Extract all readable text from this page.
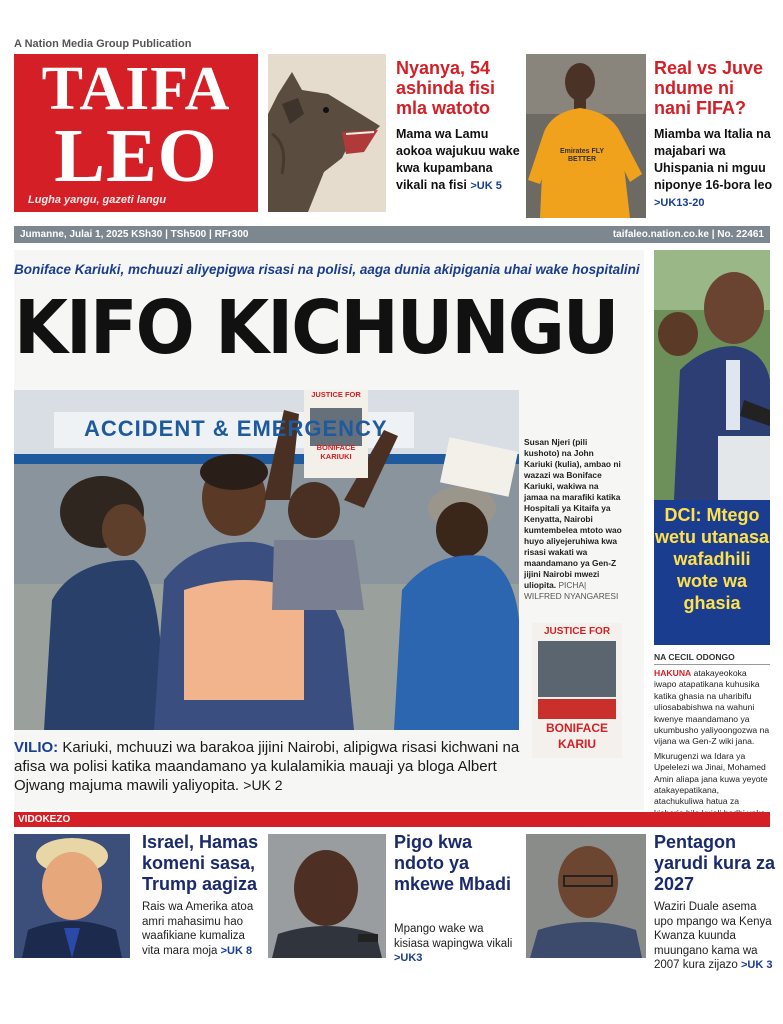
A Nation Media Group Publication
TAIFA
LEO
Lugha yangu, gazeti langu
Nyanya, 54 ashinda fisi mla watoto
Mama wa Lamu aokoa wajukuu wake kwa kupambana vikali na fisi >UK 5
Emirates FLY BETTER
Real vs Juve ndume ni nani FIFA?
Miamba wa Italia na majabari wa Uhispania ni mguu niponye 16-bora leo >UK13-20
Jumanne, Julai 1, 2025 KSh30 | TSh500 | RFr300	taifaleo.nation.co.ke | No. 22461
Boniface Kariuki, mchuuzi aliyepigwa risasi na polisi, aaga dunia akipigania uhai wake hospitalini
KIFO KICHUNGU
ACCIDENT & EMERGENCY
JUSTICE FOR
BONIFACE
KARIUKI
Susan Njeri (pili kushoto) na John Kariuki (kulia), ambao ni wazazi wa Boniface Kariuki, wakiwa na jamaa na marafiki katika Hospitali ya Kitaifa ya Kenyatta, Nairobi kumtembelea mtoto wao huyo aliyejeruhiwa kwa risasi wakati wa maandamano ya Gen-Z jijini Nairobi mwezi uliopita. PICHA| WILFRED NYANGARESI
JUSTICE FOR
BONIFACE
KARIU
VILIO: Kariuki, mchuuzi wa barakoa jijini Nairobi, alipigwa risasi kichwani na afisa wa polisi katika maandamano ya kulalamikia mauaji ya bloga Albert Ojwang majuma mawili yaliyopita. >UK 2
DCI: Mtego wetu utanasa wafadhili wote wa ghasia
NA CECIL ODONGO

HAKUNA atakayeokoka iwapo atapatikana kuhusika katika ghasia na uharibifu uliosababishwa na wahuni kwenye maandamano ya ukumbusho yaliyoongozwa na vijana wa Gen-Z wiki jana.

Mkurugenzi wa Idara ya Upelelezi wa Jinai, Mohamed Amin aliapa jana kuwa yeyote atakayepatikana, atachukuliwa hatua za

VIDOKEZO
Israel, Hamas komeni sasa, Trump aagiza
Rais wa Amerika atoa amri mahasimu hao waafikiane kumaliza vita mara moja >UK 8
Pigo kwa ndoto ya mkewe Mbadi
Mpango wake wa kisiasa wapingwa vikali >UK3
Pentagon yarudi kura za 2027
Waziri Duale asema upo mpango wa Kenya Kwanza kuunda muungano kama wa 2007 kura zijazo >UK 3
